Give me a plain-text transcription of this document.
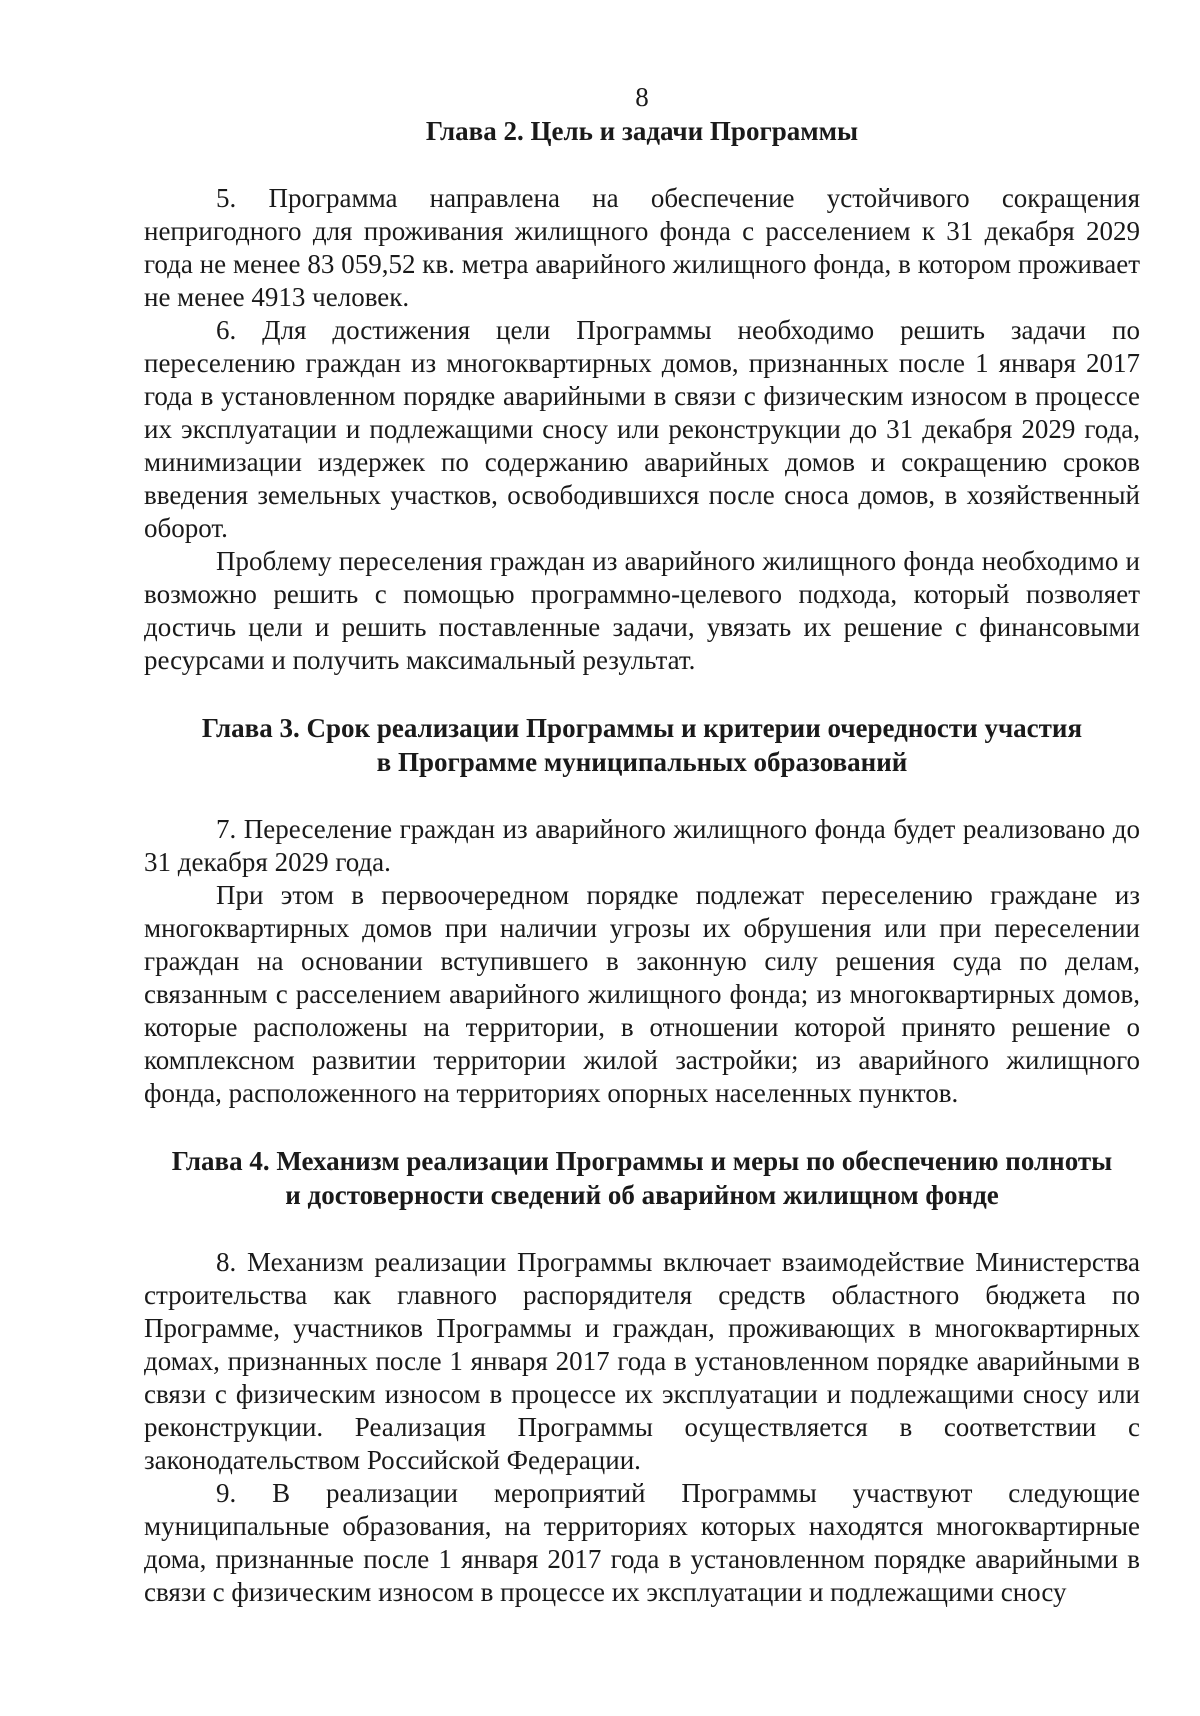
8

Глава 2. Цель и задачи Программы

5. Программа направлена на обеспечение устойчивого сокращения непригодного для проживания жилищного фонда с расселением к 31 декабря 2029 года не менее 83 059,52 кв. метра аварийного жилищного фонда, в котором проживает не менее 4913 человек.

6. Для достижения цели Программы необходимо решить задачи по переселению граждан из многоквартирных домов, признанных после 1 января 2017 года в установленном порядке аварийными в связи с физическим износом в процессе их эксплуатации и подлежащими сносу или реконструкции до 31 декабря 2029 года, минимизации издержек по содержанию аварийных домов и сокращению сроков введения земельных участков, освободившихся после сноса домов, в хозяйственный оборот.

Проблему переселения граждан из аварийного жилищного фонда необходимо и возможно решить с помощью программно-целевого подхода, который позволяет достичь цели и решить поставленные задачи, увязать их решение с финансовыми ресурсами и получить максимальный результат.

Глава 3. Срок реализации Программы и критерии очередности участия
в Программе муниципальных образований

7. Переселение граждан из аварийного жилищного фонда будет реализовано до 31 декабря 2029 года.

При этом в первоочередном порядке подлежат переселению граждане из многоквартирных домов при наличии угрозы их обрушения или при переселении граждан на основании вступившего в законную силу решения суда по делам, связанным с расселением аварийного жилищного фонда; из многоквартирных домов, которые расположены на территории, в отношении которой принято решение о комплексном развитии территории жилой застройки; из аварийного жилищного фонда, расположенного на территориях опорных населенных пунктов.

Глава 4. Механизм реализации Программы и меры по обеспечению полноты
и достоверности сведений об аварийном жилищном фонде

8. Механизм реализации Программы включает взаимодействие Министерства строительства как главного распорядителя средств областного бюджета по Программе, участников Программы и граждан, проживающих в многоквартирных домах, признанных после 1 января 2017 года в установленном порядке аварийными в связи с физическим износом в процессе их эксплуатации и подлежащими сносу или реконструкции. Реализация Программы осуществляется в соответствии с законодательством Российской Федерации.

9. В реализации мероприятий Программы участвуют следующие муниципальные образования, на территориях которых находятся многоквартирные дома, признанные после 1 января 2017 года в установленном порядке аварийными в связи с физическим износом в процессе их эксплуатации и подлежащими сносу
